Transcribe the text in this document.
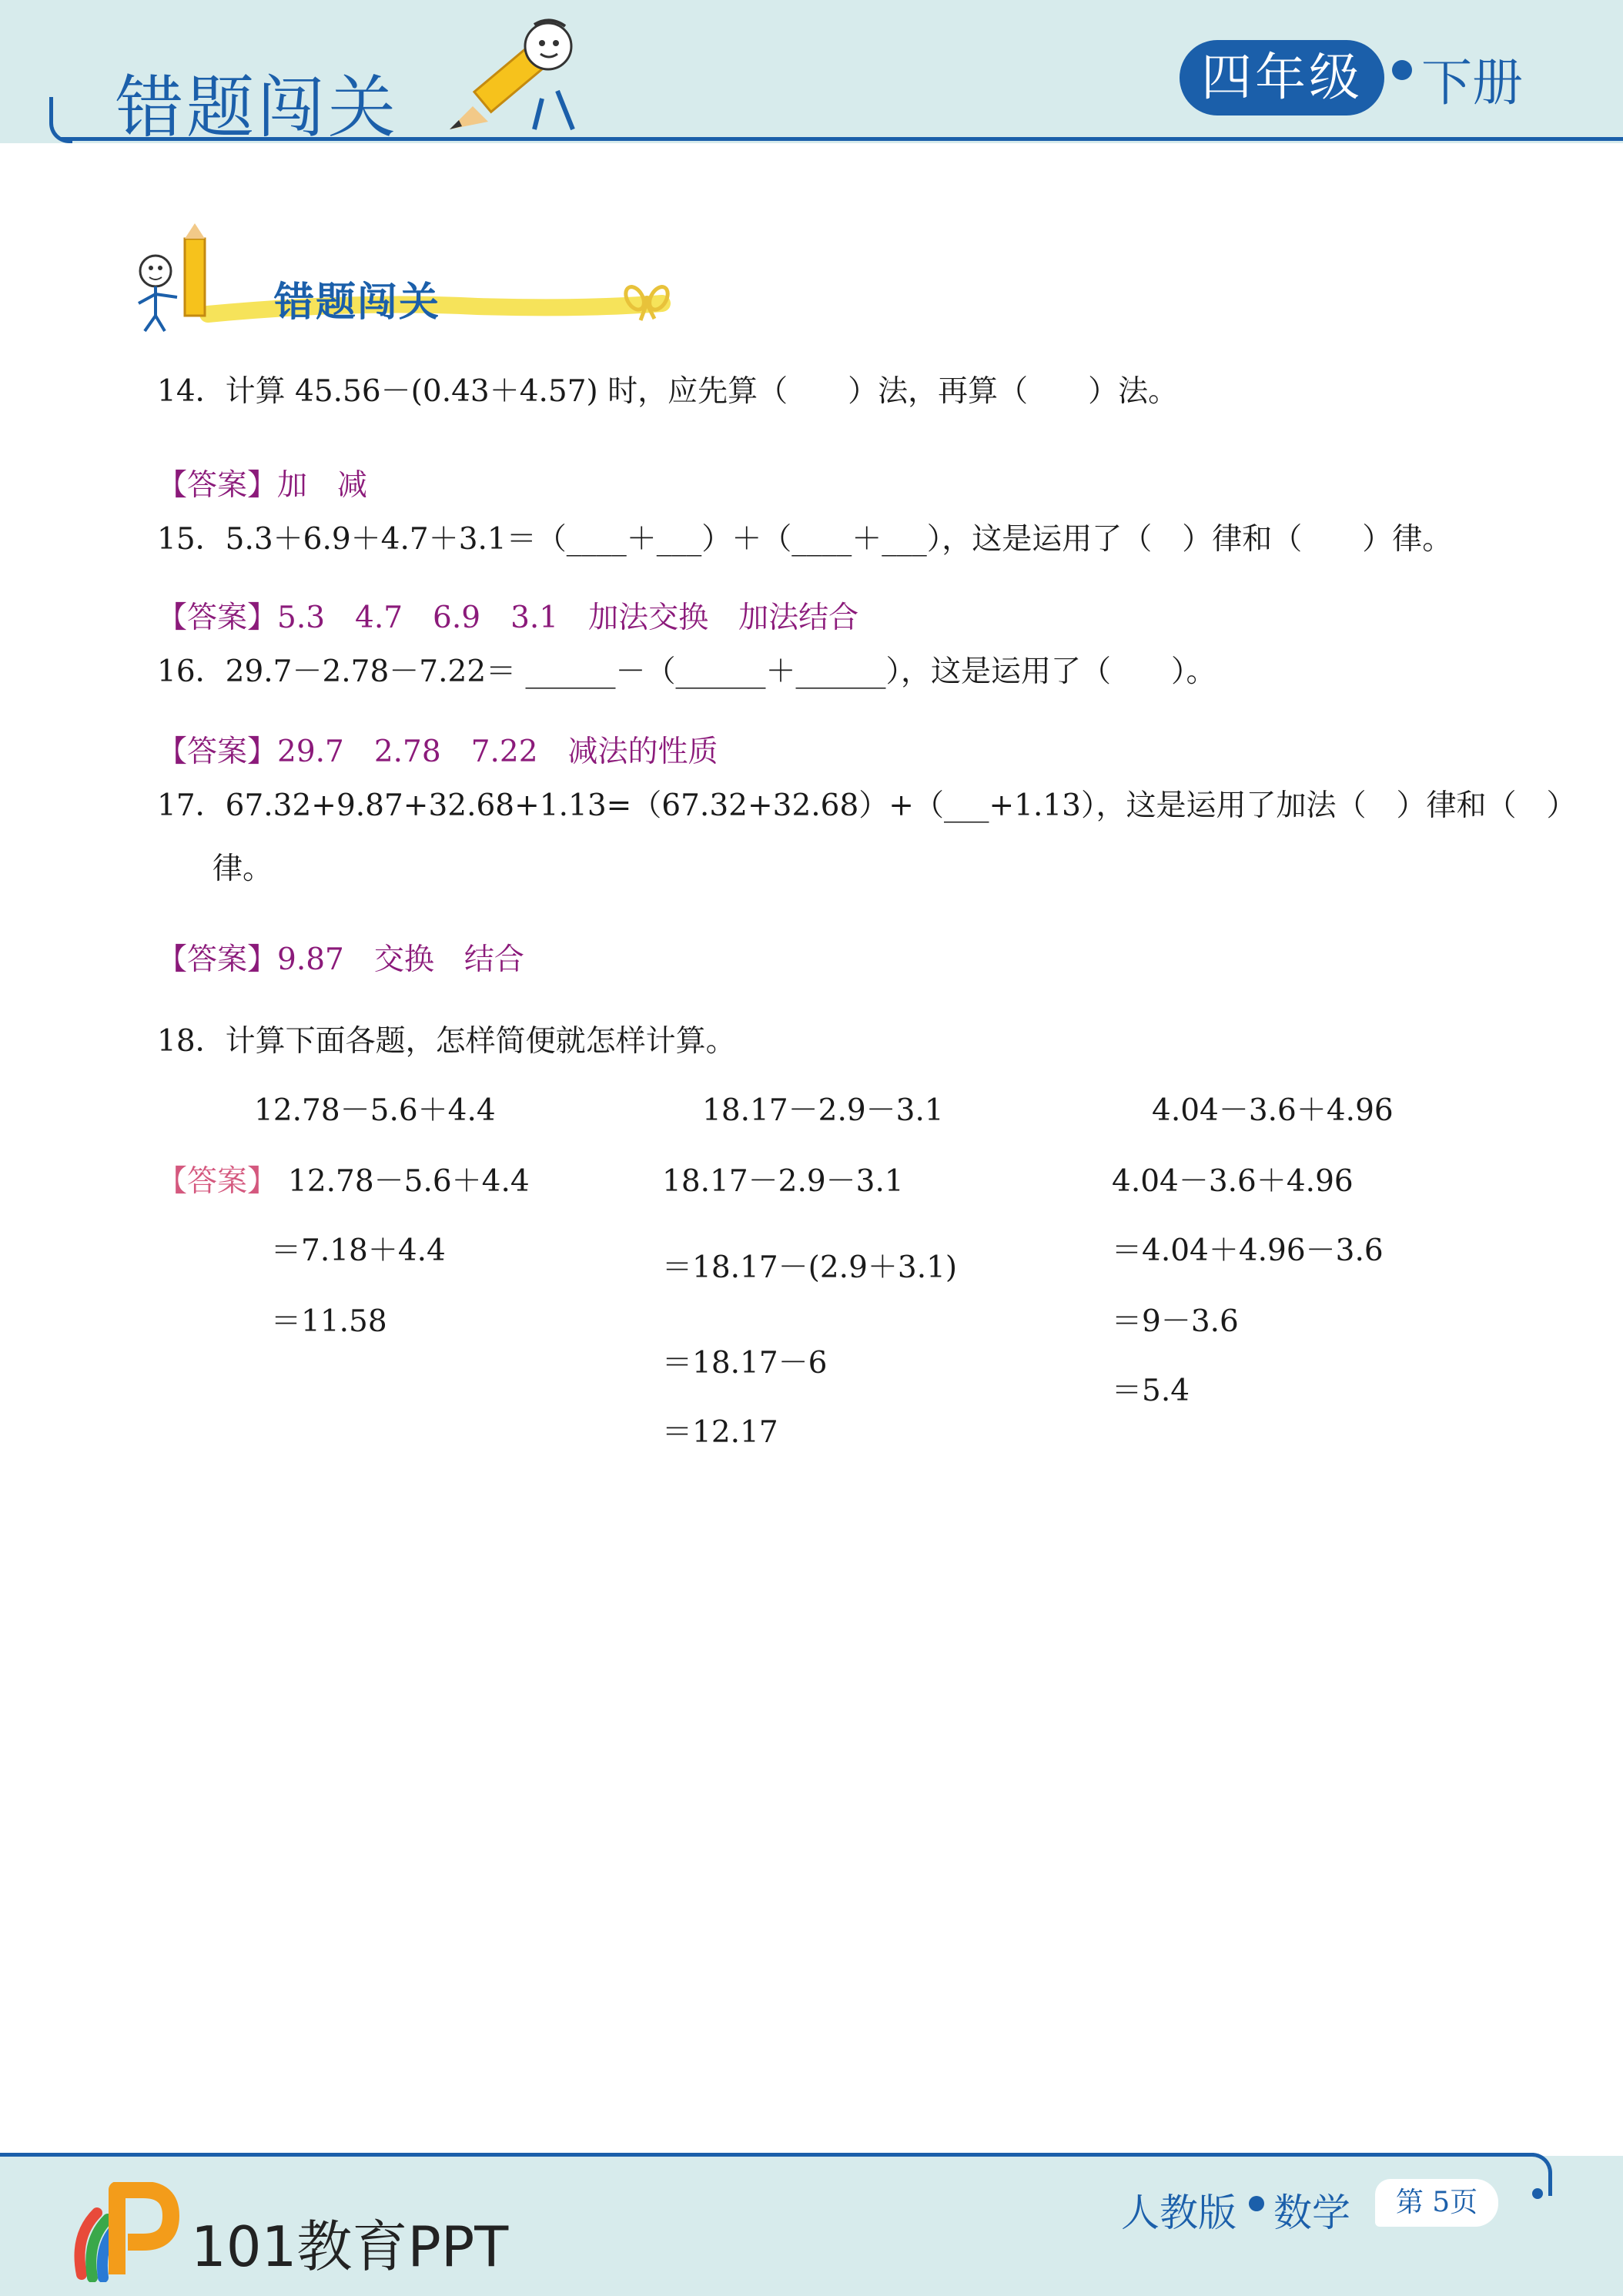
错题闯关	四年级	下册
错题闯关
14．计算 45.56－(0.43＋4.57) 时，应先算（　　）法，再算（　　）法。
【答案】加　减
15．5.3＋6.9＋4.7＋3.1＝（____＋___）＋（____＋___），这是运用了（　）律和（　　）律。
【答案】5.3　4.7　6.9　3.1　加法交换　加法结合
16．29.7－2.78－7.22＝ ______－（______＋______），这是运用了（　　）。
【答案】29.7　2.78　7.22　减法的性质
17．67.32+9.87+32.68+1.13=（67.32+32.68）+（___+1.13），这是运用了加法（　）律和（　）
律。
【答案】9.87　交换　结合
18．计算下面各题，怎样简便就怎样计算。
12.78－5.6＋4.4	18.17－2.9－3.1	4.04－3.6＋4.96
【答案】 12.78－5.6＋4.4
＝7.18＋4.4
＝11.58
18.17－2.9－3.1
＝18.17－(2.9＋3.1)
＝18.17－6
＝12.17
4.04－3.6＋4.96
＝4.04＋4.96－3.6
＝9－3.6
＝5.4
101教育PPT
人教版 数学	第 5页
